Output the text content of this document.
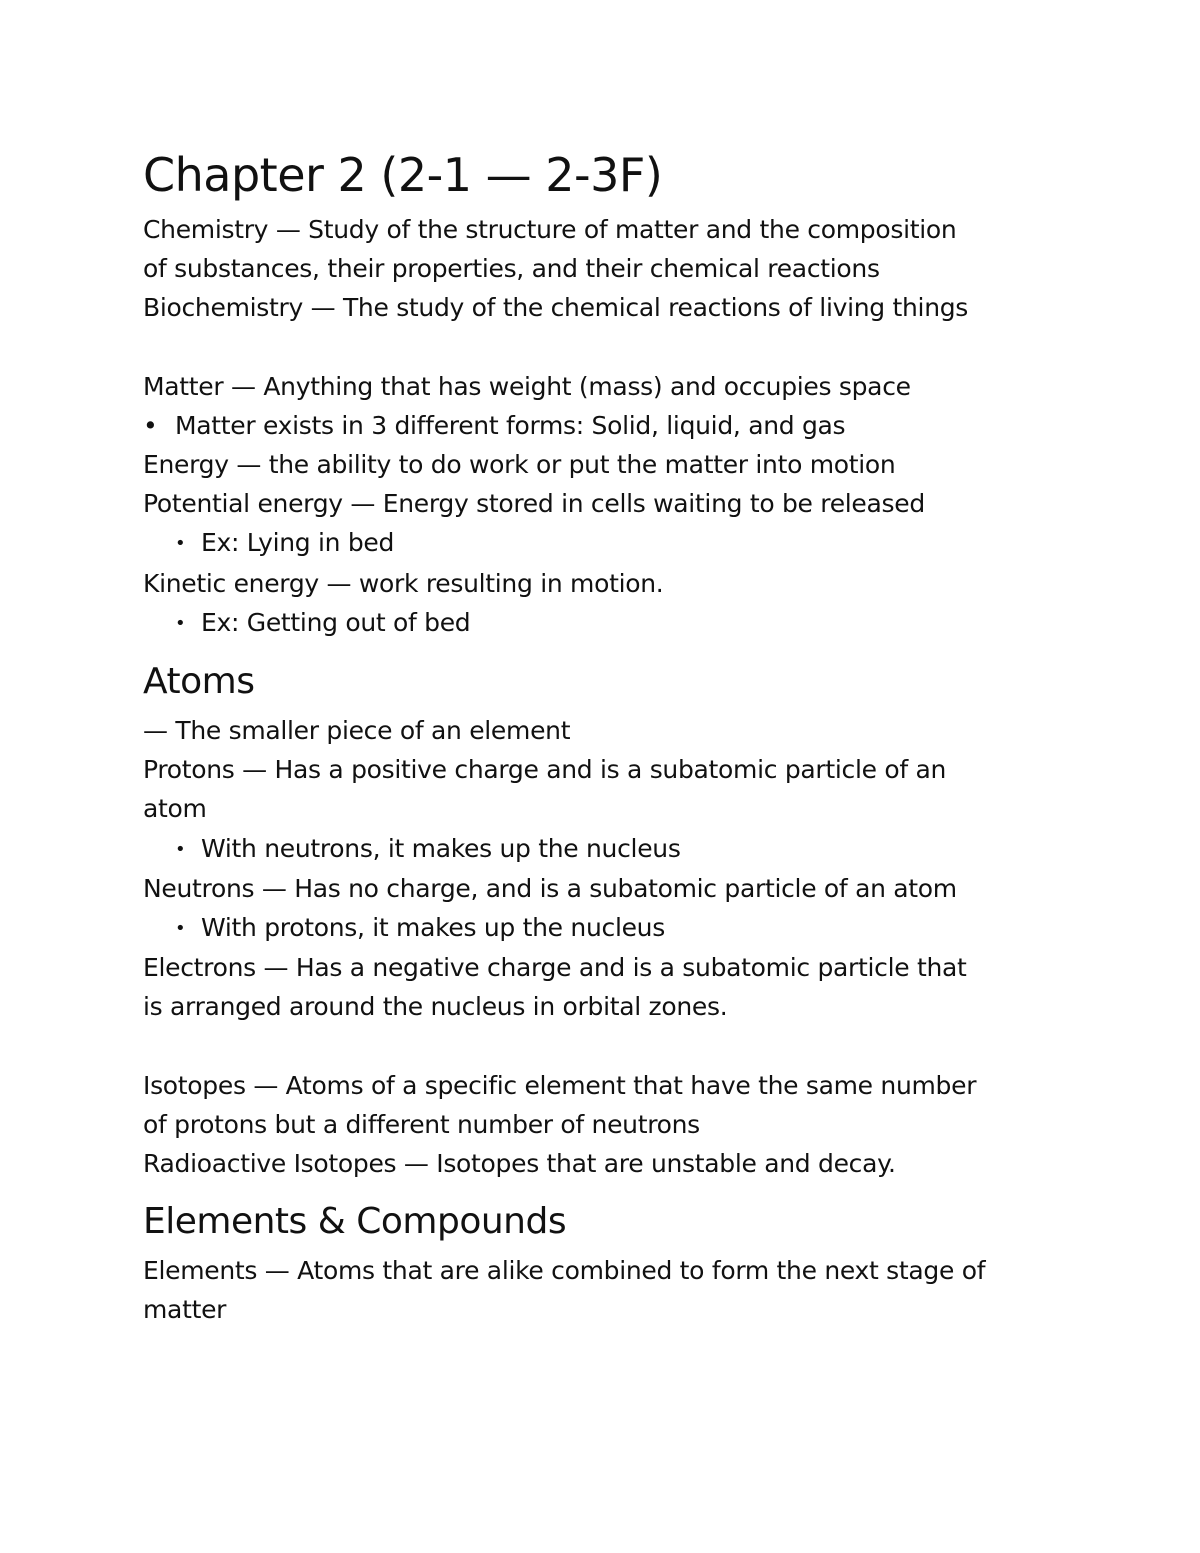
Chapter 2 (2-1 — 2-3F)

Chemistry — Study of the structure of matter and the composition

of substances, their properties, and their chemical reactions

Biochemistry — The study of the chemical reactions of living things

Matter — Anything that has weight (mass) and occupies space

• Matter exists in 3 different forms: Solid, liquid, and gas

Energy — the ability to do work or put the matter into motion

Potential energy — Energy stored in cells waiting to be released

• Ex: Lying in bed

Kinetic energy — work resulting in motion.

• Ex: Getting out of bed
Atoms

— The smaller piece of an element

Protons — Has a positive charge and is a subatomic particle of an

atom

• With neutrons, it makes up the nucleus

Neutrons — Has no charge, and is a subatomic particle of an atom

• With protons, it makes up the nucleus

Electrons — Has a negative charge and is a subatomic particle that

is arranged around the nucleus in orbital zones.

Isotopes — Atoms of a specific element that have the same number

of protons but a different number of neutrons

Radioactive Isotopes — Isotopes that are unstable and decay.

Elements & Compounds

Elements — Atoms that are alike combined to form the next stage of

matter
